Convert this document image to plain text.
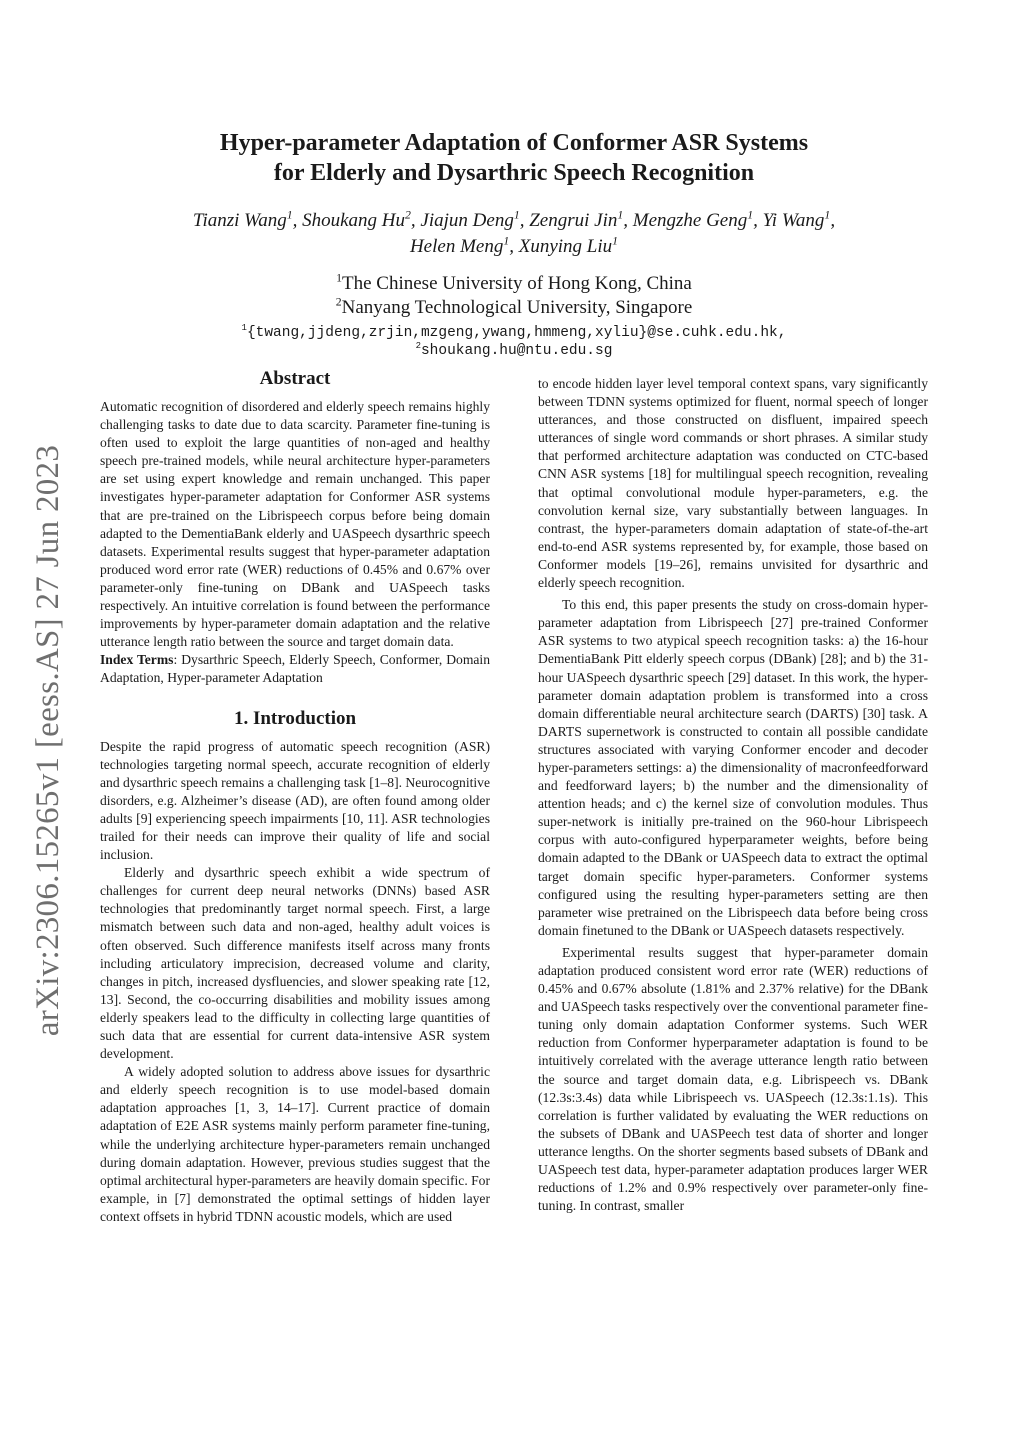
arXiv:2306.15265v1 [eess.AS] 27 Jun 2023
Hyper-parameter Adaptation of Conformer ASR Systems
for Elderly and Dysarthric Speech Recognition
Tianzi Wang$^1$, Shoukang Hu$^2$, Jiajun Deng$^1$, Zengrui Jin$^1$, Mengzhe Geng$^1$, Yi Wang$^1$,
Helen Meng$^1$, Xunying Liu$^1$
$^1$The Chinese University of Hong Kong, China
$^2$Nanyang Technological University, Singapore
$^1${twang,jjdeng,zrjin,mzgeng,ywang,hmmeng,xyliu}@se.cuhk.edu.hk,
$^2$shoukang.hu@ntu.edu.sg
Abstract

Automatic recognition of disordered and elderly speech remains highly challenging tasks to date due to data scarcity. Parameter fine-tuning is often used to exploit the large quantities of non-aged and healthy speech pre-trained models, while neural architecture hyper-parameters are set using expert knowledge and remain unchanged. This paper investigates hyper-parameter adaptation for Conformer ASR systems that are pre-trained on the Librispeech corpus before being domain adapted to the DementiaBank elderly and UASpeech dysarthric speech datasets. Experimental results suggest that hyper-parameter adaptation produced word error rate (WER) reductions of 0.45% and 0.67% over parameter-only fine-tuning on DBank and UASpeech tasks respectively. An intuitive correlation is found between the performance improvements by hyper-parameter domain adaptation and the relative utterance length ratio between the source and target domain data.

Index Terms: Dysarthric Speech, Elderly Speech, Conformer, Domain Adaptation, Hyper-parameter Adaptation

1. Introduction

Despite the rapid progress of automatic speech recognition (ASR) technologies targeting normal speech, accurate recognition of elderly and dysarthric speech remains a challenging task [1–8]. Neurocognitive disorders, e.g. Alzheimer’s disease (AD), are often found among older adults [9] experiencing speech impairments [10, 11]. ASR technologies trailed for their needs can improve their quality of life and social inclusion.

Elderly and dysarthric speech exhibit a wide spectrum of challenges for current deep neural networks (DNNs) based ASR technologies that predominantly target normal speech. First, a large mismatch between such data and non-aged, healthy adult voices is often observed. Such difference manifests itself across many fronts including articulatory imprecision, decreased volume and clarity, changes in pitch, increased dysfluencies, and slower speaking rate [12, 13]. Second, the co-occurring disabilities and mobility issues among elderly speakers lead to the difficulty in collecting large quantities of such data that are essential for current data-intensive ASR system development.

A widely adopted solution to address above issues for dysarthric and elderly speech recognition is to use model-based domain adaptation approaches [1, 3, 14–17]. Current practice of domain adaptation of E2E ASR systems mainly perform parameter fine-tuning, while the underlying architecture hyper-parameters remain unchanged during domain adaptation. However, previous studies suggest that the optimal architectural hyper-parameters are heavily domain specific. For example, in [7] demonstrated the optimal settings of hidden layer context offsets in hybrid TDNN acoustic models, which are used

to encode hidden layer level temporal context spans, vary significantly between TDNN systems optimized for fluent, normal speech of longer utterances, and those constructed on disfluent, impaired speech utterances of single word commands or short phrases. A similar study that performed architecture adaptation was conducted on CTC-based CNN ASR systems [18] for multilingual speech recognition, revealing that optimal convolutional module hyper-parameters, e.g. the convolution kernal size, vary substantially between languages. In contrast, the hyper-parameters domain adaptation of state-of-the-art end-to-end ASR systems represented by, for example, those based on Conformer models [19–26], remains unvisited for dysarthric and elderly speech recognition.

To this end, this paper presents the study on cross-domain hyper-parameter adaptation from Librispeech [27] pre-trained Conformer ASR systems to two atypical speech recognition tasks: a) the 16-hour DementiaBank Pitt elderly speech corpus (DBank) [28]; and b) the 31-hour UASpeech dysarthric speech [29] dataset. In this work, the hyper-parameter domain adaptation problem is transformed into a cross domain differentiable neural architecture search (DARTS) [30] task. A DARTS supernetwork is constructed to contain all possible candidate structures associated with varying Conformer encoder and decoder hyper-parameters settings: a) the dimensionality of macronfeedforward and feedforward layers; b) the number and the dimensionality of attention heads; and c) the kernel size of convolution modules. Thus super-network is initially pre-trained on the 960-hour Librispeech corpus with auto-configured hyperparameter weights, before being domain adapted to the DBank or UASpeech data to extract the optimal target domain specific hyper-parameters. Conformer systems configured using the resulting hyper-parameters setting are then parameter wise pretrained on the Librispeech data before being cross domain finetuned to the DBank or UASpeech datasets respectively.

Experimental results suggest that hyper-parameter domain adaptation produced consistent word error rate (WER) reductions of 0.45% and 0.67% absolute (1.81% and 2.37% relative) for the DBank and UASpeech tasks respectively over the conventional parameter fine-tuning only domain adaptation Conformer systems. Such WER reduction from Conformer hyperparameter adaptation is found to be intuitively correlated with the average utterance length ratio between the source and target domain data, e.g. Librispeech vs. DBank (12.3s:3.4s) data while Librispeech vs. UASpeech (12.3s:1.1s). This correlation is further validated by evaluating the WER reductions on the subsets of DBank and UASPeech test data of shorter and longer utterance lengths. On the shorter segments based subsets of DBank and UASpeech test data, hyper-parameter adaptation produces larger WER reductions of 1.2% and 0.9% respectively over parameter-only fine-tuning. In contrast, smaller
